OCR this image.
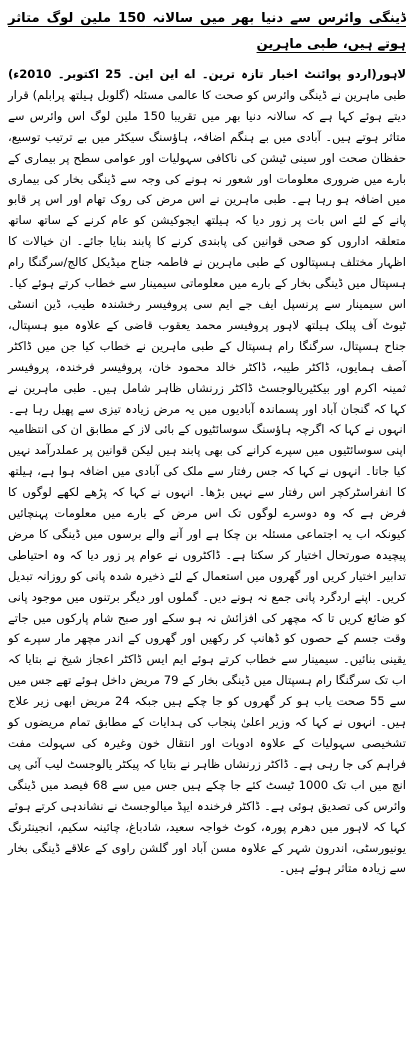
ڈینگی وائرس سے دنیا بھر میں سالانہ 150 ملین لوگ متاثر ہوتے ہیں، طبی ماہرین

لاہور(اردو پوائنٹ اخبار تازہ ترین۔ اے این این۔ 25 اکتوبر۔ 2010ء) طبی ماہرین نے ڈینگی وائرس کو صحت کا عالمی مسئلہ (گلوبل ہیلتھ پرابلم) قرار دیتے ہوئے کہا ہے کہ سالانہ دنیا بھر میں تقریبا 150 ملین لوگ اس وائرس سے متاثر ہوتے ہیں۔ آبادی میں بے ہنگم اضافہ، ہاؤسنگ سیکٹر میں بے ترتیب توسیع، حفظان صحت اور سینی ٹیشن کی ناکافی سہولیات اور عوامی سطح پر بیماری کے بارے میں ضروری معلومات اور شعور نہ ہونے کی وجہ سے ڈینگی بخار کی بیماری میں اضافہ ہو رہا ہے۔ طبی ماہرین نے اس مرض کی روک تھام اور اس پر قابو پانے کے لئے اس بات پر زور دیا کہ ہیلتھ ایجوکیشن کو عام کرنے کے ساتھ ساتھ متعلقہ اداروں کو صحی قوانین کی پابندی کرنے کا پابند بنایا جائے۔ ان خیالات کا اظہار مختلف ہسپتالوں کے طبی ماہرین نے فاطمہ جناح میڈیکل کالج/سرگنگا رام ہسپتال میں ڈینگی بخار کے بارے میں معلوماتی سیمینار سے خطاب کرتے ہوئے کیا۔ اس سیمینار سے پرنسپل ایف جے ایم سی پروفیسر رخشندہ طیب، ڈین انسٹی ٹیوٹ آف پبلک ہیلتھ لاہور پروفیسر محمد یعقوب قاضی کے علاوہ میو ہسپتال، جناح ہسپتال، سرگنگا رام ہسپتال کے طبی ماہرین نے خطاب کیا جن میں ڈاکٹر آصف ہمایوں، ڈاکٹر طیبہ، ڈاکٹر خالد محمود خان، پروفیسر فرخندہ، پروفیسر ثمینہ اکرم اور بیکٹیریالوجسٹ ڈاکٹر زرنشاں ظاہر شامل ہیں۔ طبی ماہرین نے کہا کہ گنجان آباد اور پسماندہ آبادیوں میں یہ مرض زیادہ تیزی سے پھیل رہا ہے۔ انہوں نے کہا کہ اگرچہ ہاؤسنگ سوسائٹیوں کے بائی لاز کے مطابق ان کی انتظامیہ اپنی سوسائٹیوں میں سپرے کرانے کی بھی پابند ہیں لیکن قوانین پر عملدرآمد نہیں کیا جاتا۔ انہوں نے کہا کہ جس رفتار سے ملک کی آبادی میں اضافہ ہوا ہے، ہیلتھ کا انفراسٹرکچر اس رفتار سے نہیں بڑھا۔ انہوں نے کہا کہ پڑھے لکھے لوگوں کا فرض ہے کہ وہ دوسرے لوگوں تک اس مرض کے بارے میں معلومات پہنچائیں کیونکہ اب یہ اجتماعی مسئلہ بن چکا ہے اور آنے والے برسوں میں ڈینگی کا مرض پیچیدہ صورتحال اختیار کر سکتا ہے۔ ڈاکٹروں نے عوام پر زور دیا کہ وہ احتیاطی تدابیر اختیار کریں اور گھروں میں استعمال کے لئے ذخیرہ شدہ پانی کو روزانہ تبدیل کریں۔ اپنے اردگرد پانی جمع نہ ہونے دیں۔ گملوں اور دیگر برتنوں میں موجود پانی کو ضائع کریں تا کہ مچھر کی افزائش نہ ہو سکے اور صبح شام پارکوں میں جاتے وقت جسم کے حصوں کو ڈھانپ کر رکھیں اور گھروں کے اندر مچھر مار سپرے کو یقینی بنائیں۔ سیمینار سے خطاب کرتے ہوئے ایم ایس ڈاکٹر اعجاز شیخ نے بتایا کہ اب تک سرگنگا رام ہسپتال میں ڈینگی بخار کے 79 مریض داخل ہوئے تھے جس میں سے 55 صحت یاب ہو کر گھروں کو جا چکے ہیں جبکہ 24 مریض ابھی زیر علاج ہیں۔ انہوں نے کہا کہ وزیر اعلیٰ پنجاب کی ہدایات کے مطابق تمام مریضوں کو تشخیصی سہولیات کے علاوہ ادویات اور انتقال خون وغیرہ کی سہولت مفت فراہم کی جا رہی ہے۔ ڈاکٹر زرنشاں ظاہر نے بتایا کہ پیکٹر یالوجسٹ لیب آئی پی انچ میں اب تک 1000 ٹیسٹ کئے جا چکے ہیں جس میں سے 68 فیصد میں ڈینگی وائرس کی تصدیق ہوئی ہے۔ ڈاکٹر فرخندہ ایپڈ میالوجسٹ نے نشاندہی کرتے ہوئے کہا کہ لاہور میں دھرم پورہ، کوٹ خواجہ سعید، شادباغ، چائینہ سکیم، انجینئرنگ یونیورسٹی، اندرون شہر کے علاوہ مسن آباد اور گلشن راوی کے علاقے ڈینگی بخار سے زیادہ متاثر ہوئے ہیں۔
